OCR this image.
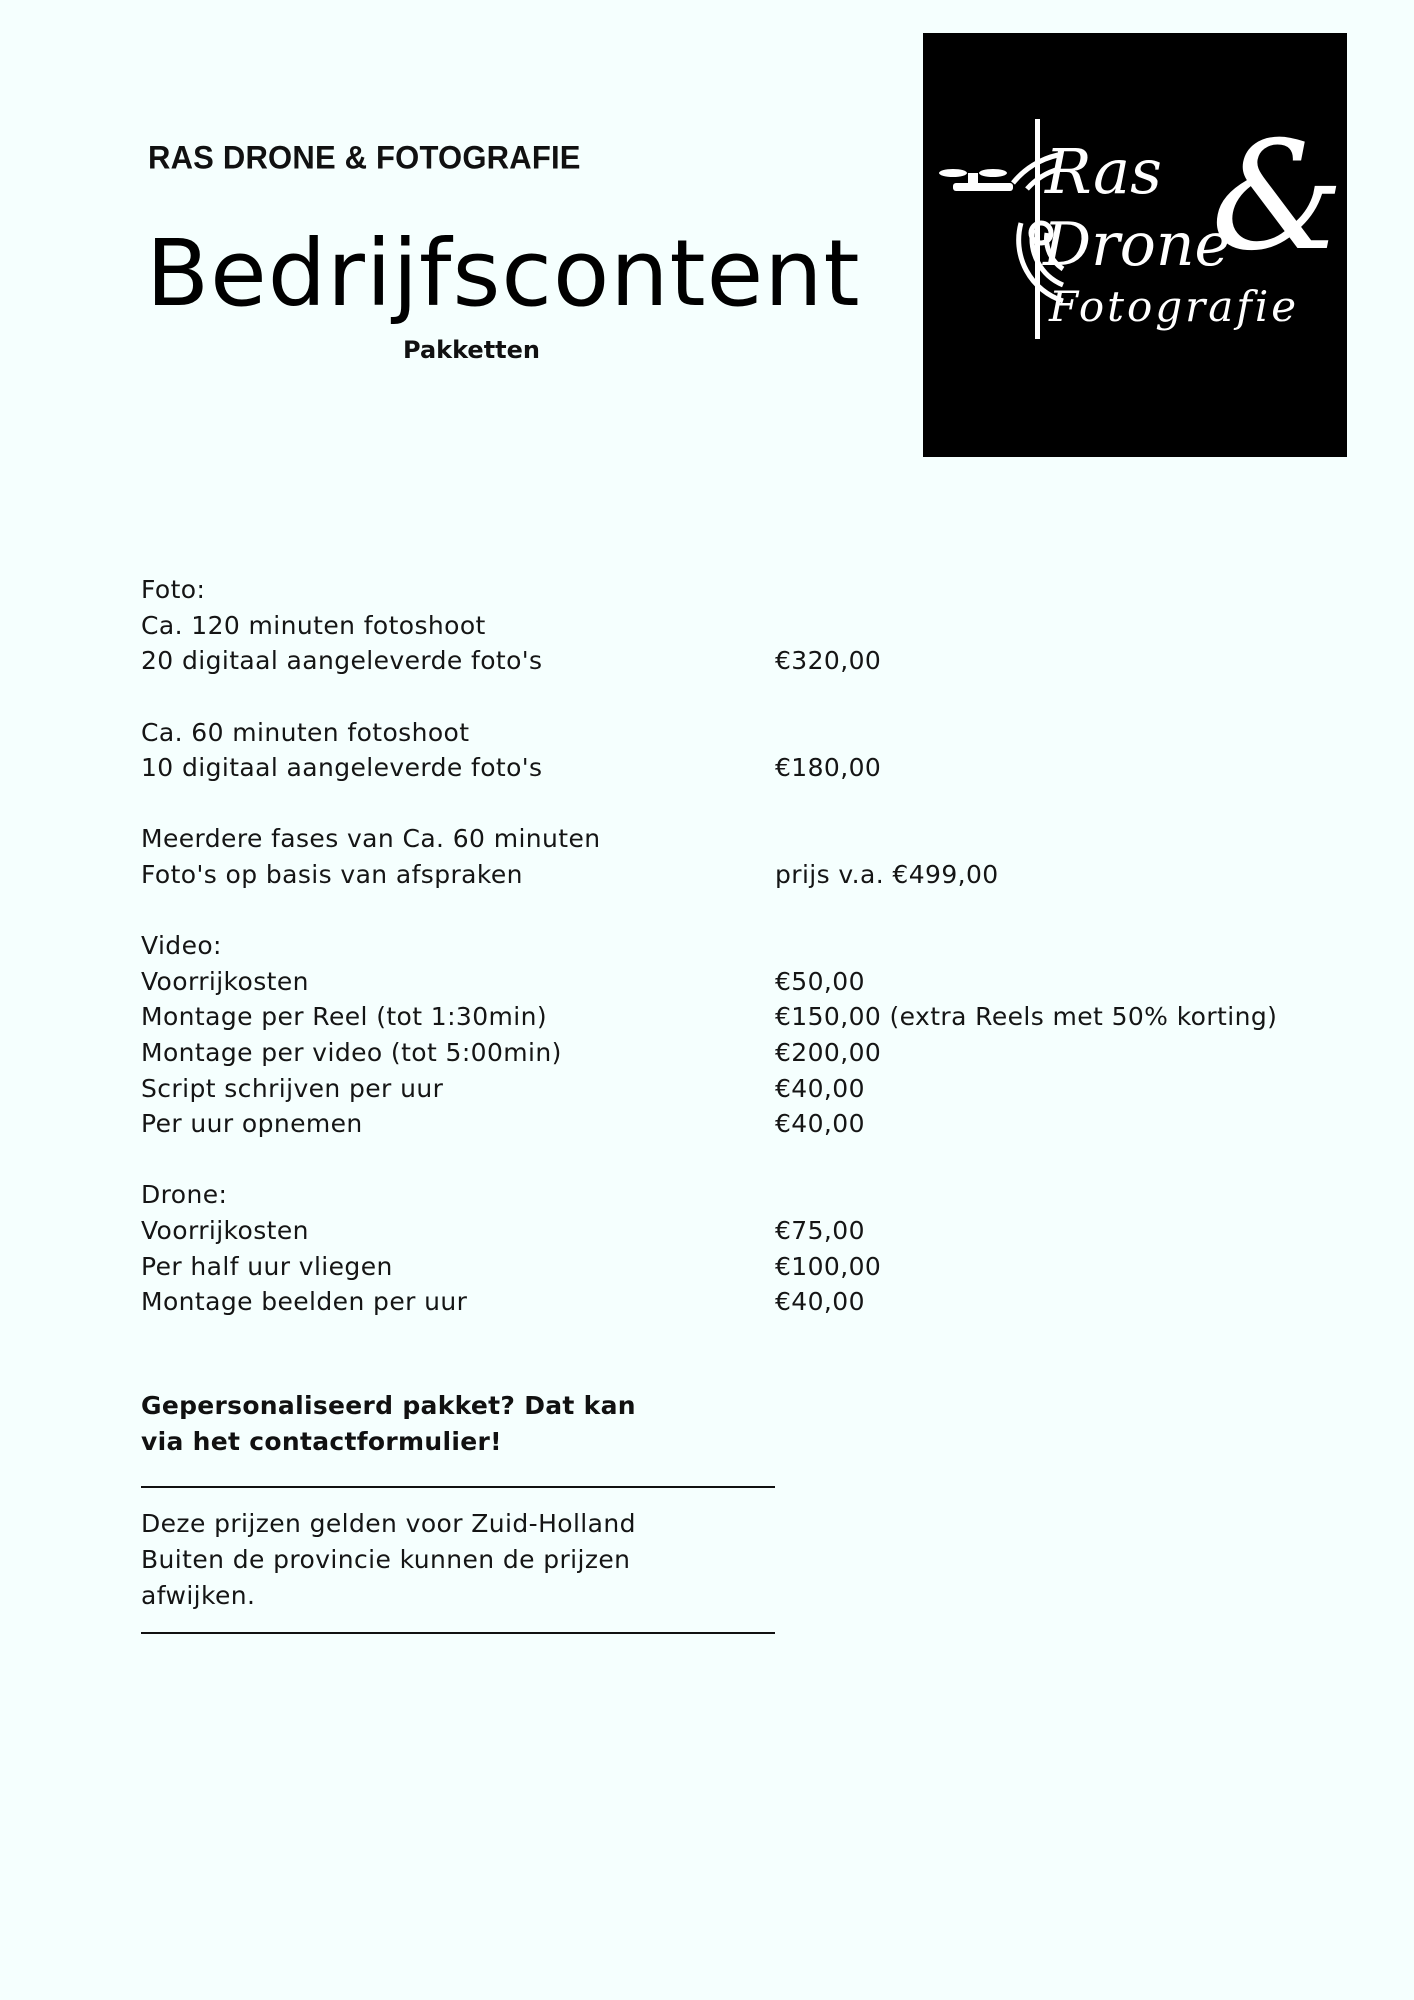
RAS DRONE & FOTOGRAFIE
Bedrijfscontent
Pakketten
Ras
Drone
&
Fotografie
Foto:
Ca. 120 minuten fotoshoot
20 digitaal aangeleverde foto's	€320,00
Ca. 60 minuten fotoshoot
10 digitaal aangeleverde foto's	€180,00
Meerdere fases van Ca. 60 minuten
Foto's op basis van afspraken	prijs v.a. €499,00
Video:
Voorrijkosten	€50,00
Montage per Reel (tot 1:30min)	€150,00 (extra Reels met 50% korting)
Montage per video (tot 5:00min)	€200,00
Script schrijven per uur	€40,00
Per uur opnemen	€40,00
Drone:
Voorrijkosten	€75,00
Per half uur vliegen	€100,00
Montage beelden per uur	€40,00
Gepersonaliseerd pakket? Dat kan
via het contactformulier!
Deze prijzen gelden voor Zuid-Holland
Buiten de provincie kunnen de prijzen
afwijken.
